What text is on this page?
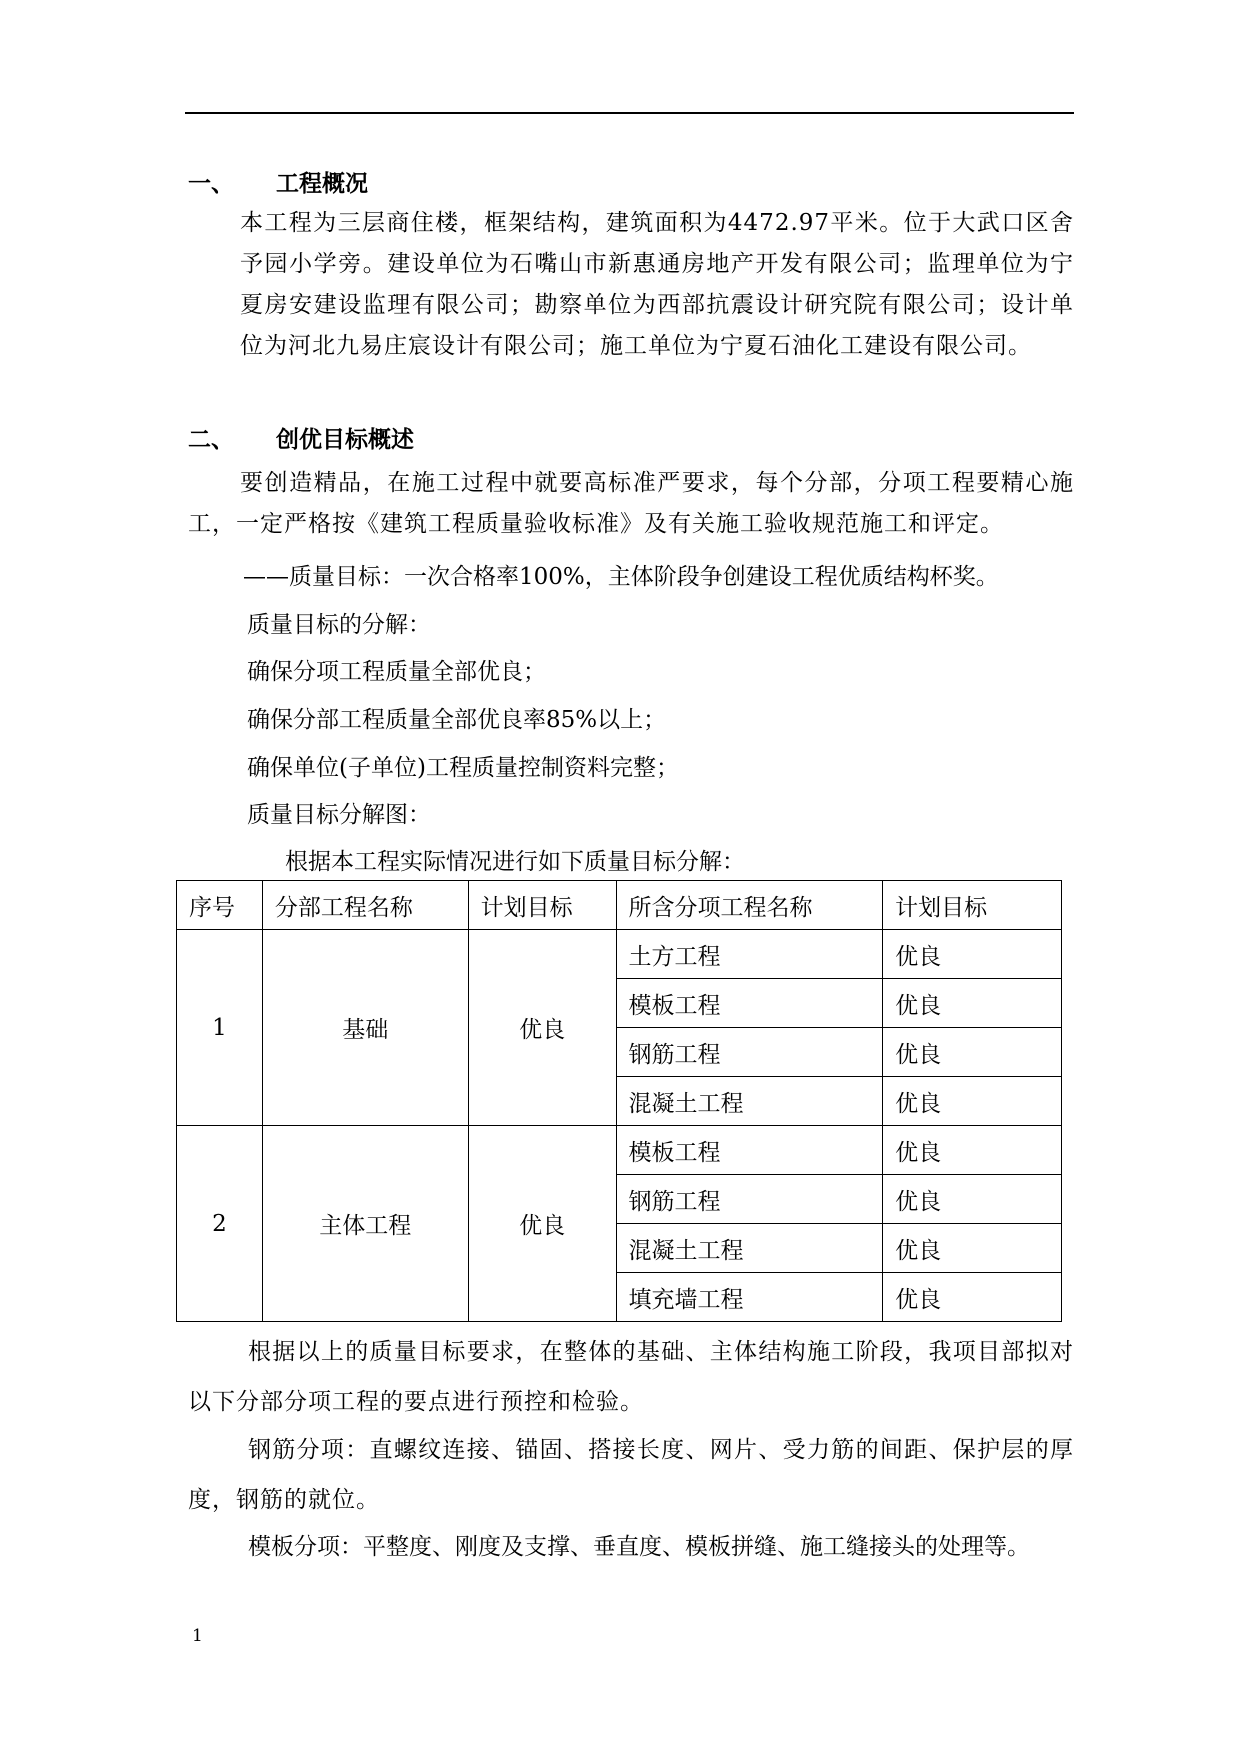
一、 工程概况
本工程为三层商住楼，框架结构，建筑面积为4472.97平米。位于大武口区舍予园小学旁。建设单位为石嘴山市新惠通房地产开发有限公司；监理单位为宁夏房安建设监理有限公司；勘察单位为西部抗震设计研究院有限公司；设计单位为河北九易庄宸设计有限公司；施工单位为宁夏石油化工建设有限公司。
二、 创优目标概述
要创造精品，在施工过程中就要高标准严要求，每个分部，分项工程要精心施工，一定严格按《建筑工程质量验收标准》及有关施工验收规范施工和评定。
——质量目标：一次合格率100%，主体阶段争创建设工程优质结构杯奖。
质量目标的分解：
确保分项工程质量全部优良；
确保分部工程质量全部优良率85%以上；
确保单位(子单位)工程质量控制资料完整；
质量目标分解图：
根据本工程实际情况进行如下质量目标分解：
序号	分部工程名称	计划目标	所含分项工程名称	计划目标
1	基础	优良	土方工程	优良
			模板工程	优良
			钢筋工程	优良
			混凝土工程	优良
2	主体工程	优良	模板工程	优良
			钢筋工程	优良
			混凝土工程	优良
			填充墙工程	优良
根据以上的质量目标要求，在整体的基础、主体结构施工阶段，我项目部拟对以下分部分项工程的要点进行预控和检验。
钢筋分项：直螺纹连接、锚固、搭接长度、网片、受力筋的间距、保护层的厚度，钢筋的就位。
模板分项：平整度、刚度及支撑、垂直度、模板拼缝、施工缝接头的处理等。
1
